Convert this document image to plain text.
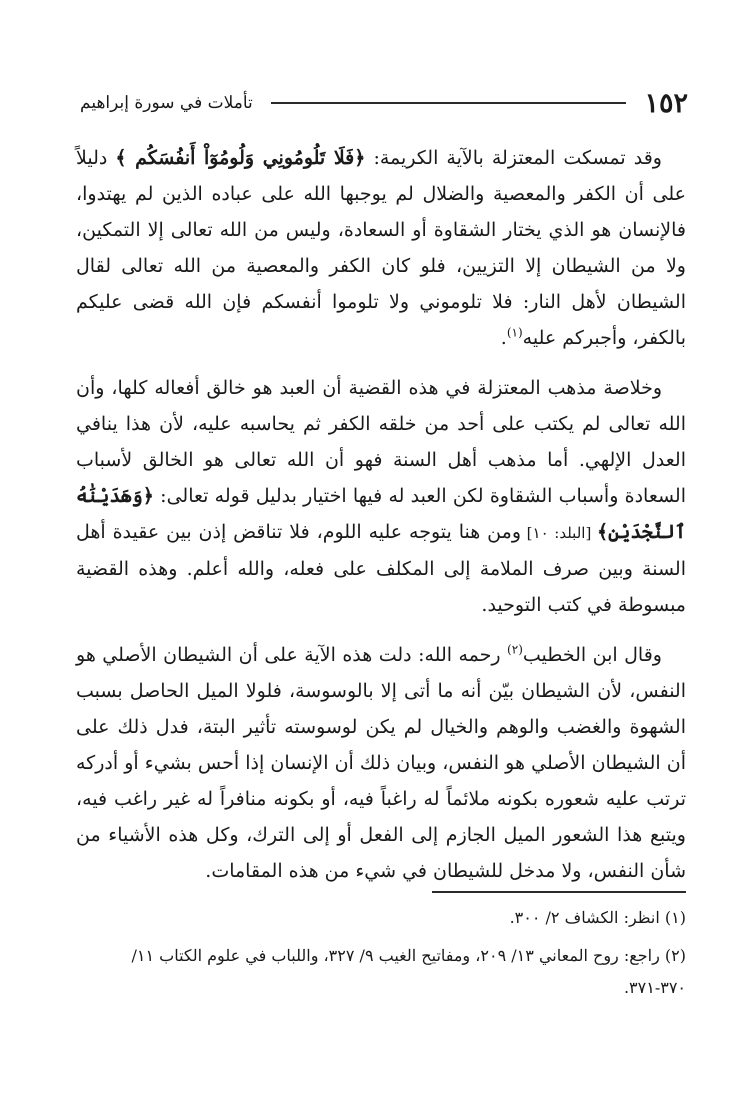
١٥٢
تأملات في سورة إبراهيم

وقد تمسكت المعتزلة بالآية الكريمة: ﴿فَلَا تَلُومُونِي وَلُومُوٓاْ أَنفُسَكُم ﴾ دليلاً على أن الكفر والمعصية والضلال لم يوجبها الله على عباده الذين لم يهتدوا، فالإنسان هو الذي يختار الشقاوة أو السعادة، وليس من الله تعالى إلا التمكين، ولا من الشيطان إلا التزيين، فلو كان الكفر والمعصية من الله تعالى لقال الشيطان لأهل النار: فلا تلوموني ولا تلوموا أنفسكم فإن الله قضى عليكم بالكفر، وأجبركم عليه$^{(١)}$.

وخلاصة مذهب المعتزلة في هذه القضية أن العبد هو خالق أفعاله كلها، وأن الله تعالى لم يكتب على أحد من خلقه الكفر ثم يحاسبه عليه، لأن هذا ينافي العدل الإلهي. أما مذهب أهل السنة فهو أن الله تعالى هو الخالق لأسباب السعادة وأسباب الشقاوة لكن العبد له فيها اختيار بدليل قوله تعالى: ﴿وَهَدَيْنَٰهُ ٱلنَّجْدَيْنِ﴾ [البلد: ١٠] ومن هنا يتوجه عليه اللوم، فلا تناقض إذن بين عقيدة أهل السنة وبين صرف الملامة إلى المكلف على فعله، والله أعلم. وهذه القضية مبسوطة في كتب التوحيد.

وقال ابن الخطيب$^{(٢)}$ رحمه الله: دلت هذه الآية على أن الشيطان الأصلي هو النفس، لأن الشيطان بيّن أنه ما أتى إلا بالوسوسة، فلولا الميل الحاصل بسبب الشهوة والغضب والوهم والخيال لم يكن لوسوسته تأثير البتة، فدل ذلك على أن الشيطان الأصلي هو النفس، وبيان ذلك أن الإنسان إذا أحس بشيء أو أدركه ترتب عليه شعوره بكونه ملائماً له راغباً فيه، أو بكونه منافراً له غير راغب فيه، ويتبع هذا الشعور الميل الجازم إلى الفعل أو إلى الترك، وكل هذه الأشياء من شأن النفس، ولا مدخل للشيطان في شيء من هذه المقامات.

(١) انظر: الكشاف ٢/ ٣٠٠.

(٢) راجع: روح المعاني ١٣/ ٢٠٩، ومفاتيح الغيب ٩/ ٣٢٧، واللباب في علوم الكتاب ١١/ ٣٧٠-٣٧١.
